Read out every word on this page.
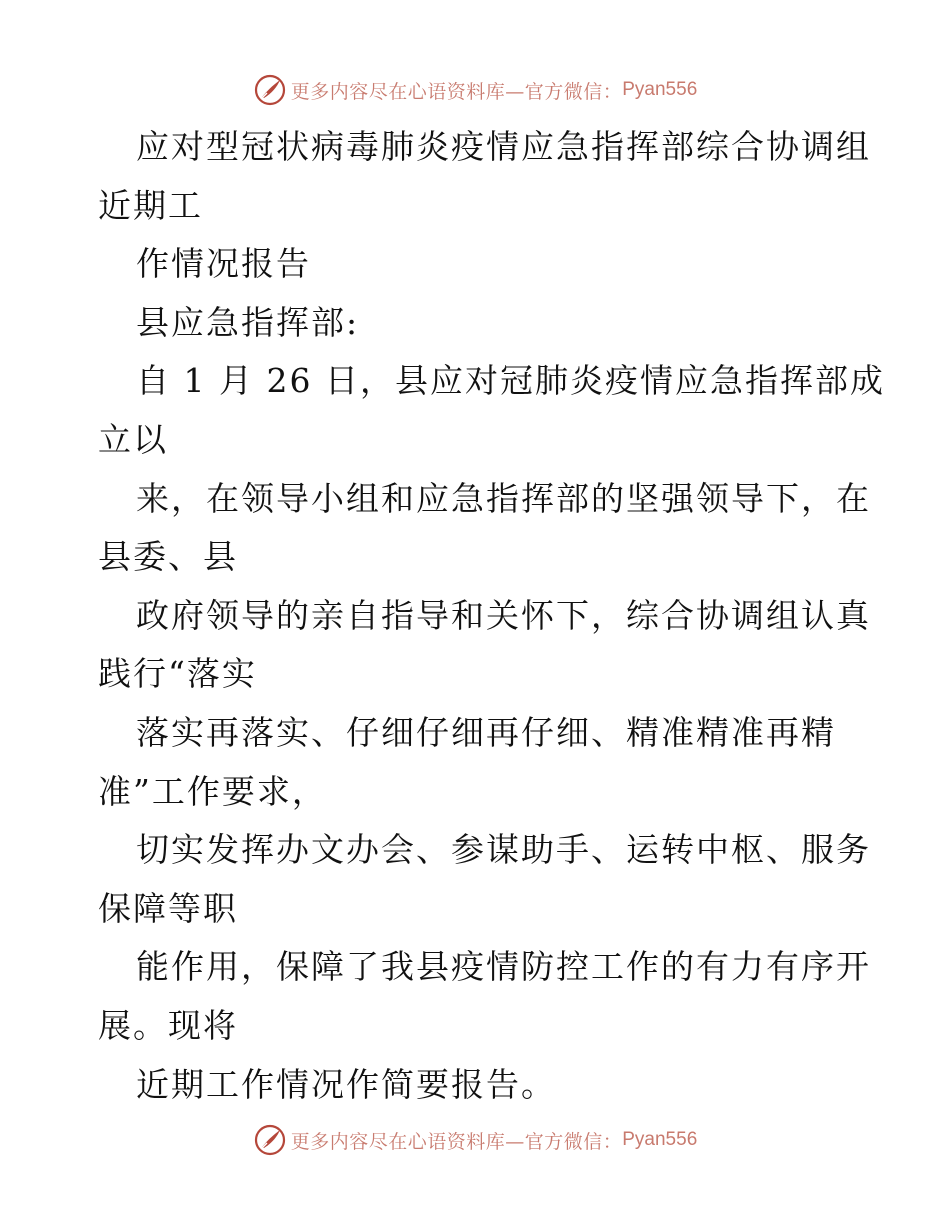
更多内容尽在心语资料库—官方微信： Pyan556
应对型冠状病毒肺炎疫情应急指挥部综合协调组
近期工
作情况报告
县应急指挥部:
自 1 月 26 日，县应对冠肺炎疫情应急指挥部成
立以
来，在领导小组和应急指挥部的坚强领导下，在
县委、县
政府领导的亲自指导和关怀下，综合协调组认真
践行“落实
落实再落实、仔细仔细再仔细、精准精准再精
准”工作要求，
切实发挥办文办会、参谋助手、运转中枢、服务
保障等职
能作用，保障了我县疫情防控工作的有力有序开
展。现将
近期工作情况作简要报告。
更多内容尽在心语资料库—官方微信： Pyan556
